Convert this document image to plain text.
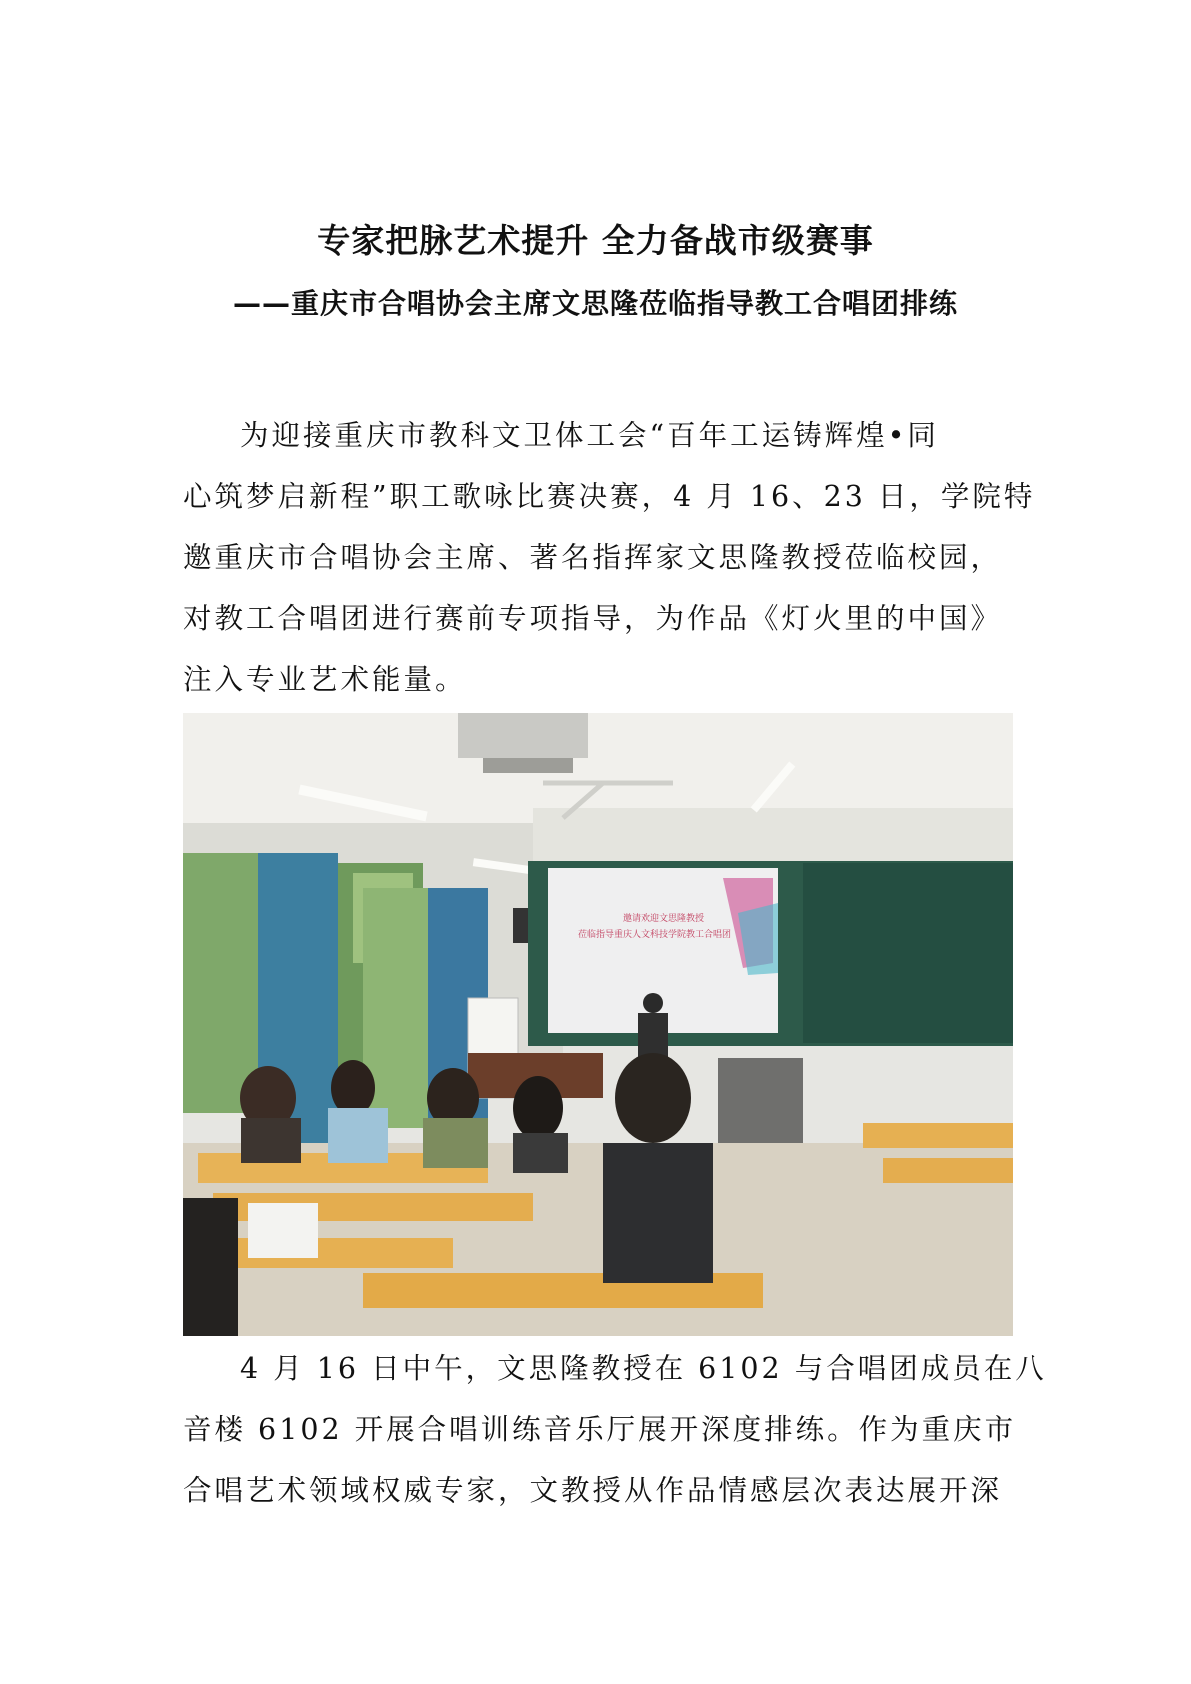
专家把脉艺术提升 全力备战市级赛事
——重庆市合唱协会主席文思隆莅临指导教工合唱团排练

为迎接重庆市教科文卫体工会“百年工运铸辉煌•同

心筑梦启新程”职工歌咏比赛决赛，4 月 16、23 日，学院特

邀重庆市合唱协会主席、著名指挥家文思隆教授莅临校园，

对教工合唱团进行赛前专项指导，为作品《灯火里的中国》

注入专业艺术能量。

邀请欢迎文思隆教授
莅临指导重庆人文科技学院教工合唱团

4 月 16 日中午，文思隆教授在 6102 与合唱团成员在八

音楼 6102 开展合唱训练音乐厅展开深度排练。作为重庆市

合唱艺术领域权威专家，文教授从作品情感层次表达展开深
